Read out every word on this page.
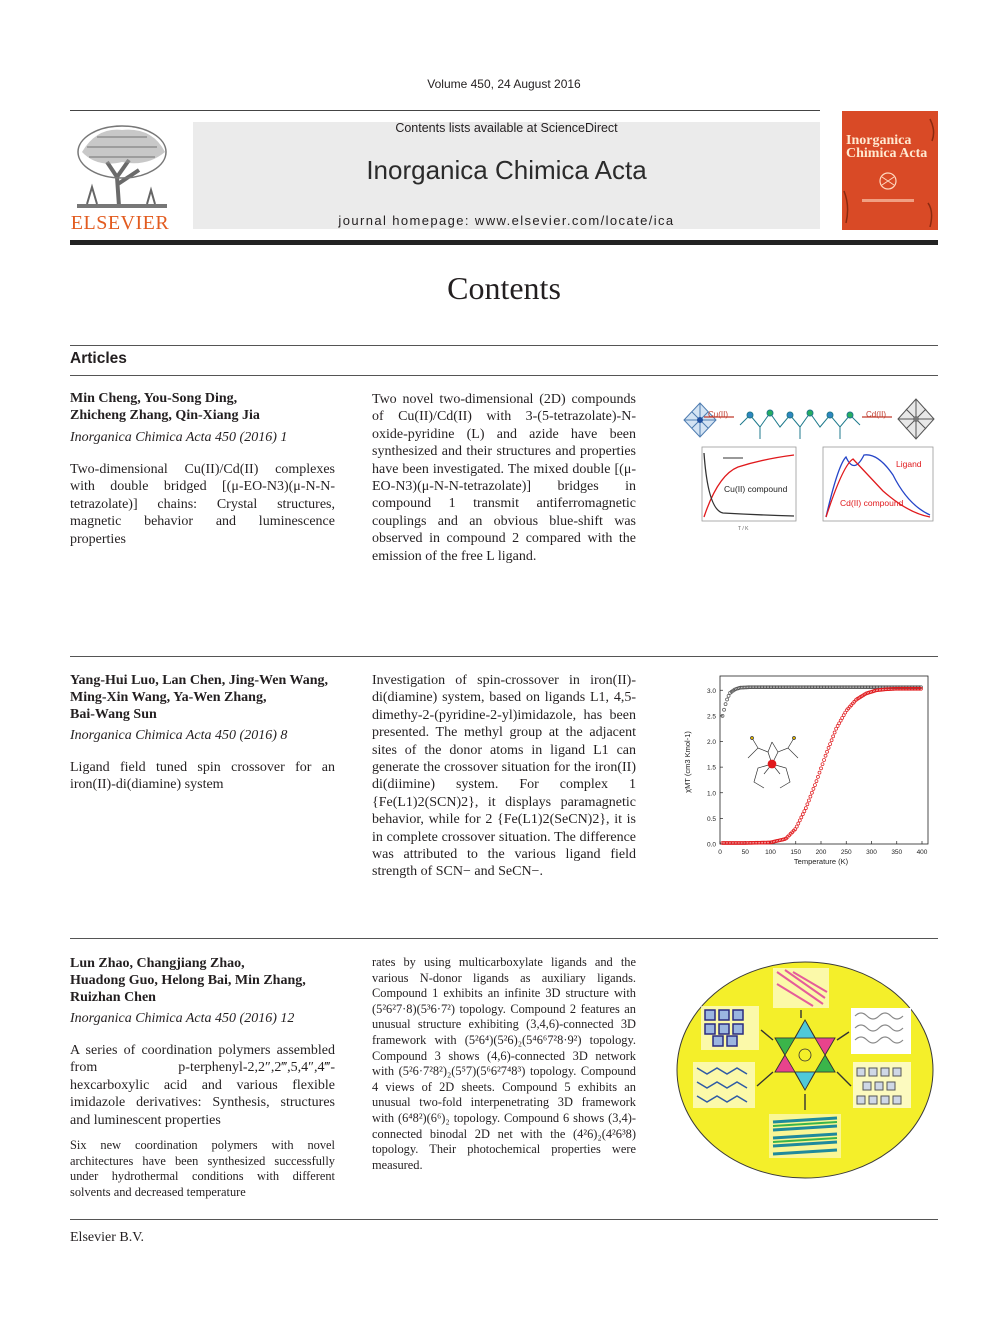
Volume 450, 24 August 2016
ELSEVIER
Contents lists available at ScienceDirect
Inorganica Chimica Acta
journal homepage: www.elsevier.com/locate/ica
Inorganica
Chimica Acta
Contents
Articles
Min Cheng, You-Song Ding,
Zhicheng Zhang, Qin-Xiang Jia
Inorganica Chimica Acta 450 (2016) 1
Two-dimensional Cu(II)/Cd(II) complexes with double bridged [(μ-EO-N3)(μ-N-N-tetrazolate)] chains: Crystal structures, magnetic behavior and luminescence properties
Two novel two-dimensional (2D) compounds of Cu(II)/Cd(II) with 3-(5-tetrazolate)-N-oxide-pyridine (L) and azide have been synthesized and their structures and properties have been investigated. The mixed double [(μ-EO-N3)(μ-N-N-tetrazolate)] bridges in compound 1 transmit antiferromagnetic couplings and an obvious blue-shift was observed in compound 2 compared with the emission of the free L ligand.
Cu(II)	Cd(II)
Cu(II) compound
T / K
Ligand
Cd(II) compound
Yang-Hui Luo, Lan Chen, Jing-Wen Wang,
Ming-Xin Wang, Ya-Wen Zhang,
Bai-Wang Sun
Inorganica Chimica Acta 450 (2016) 8
Ligand field tuned spin crossover for an iron(II)-di(diamine) system
Investigation of spin-crossover in iron(II)-di(diamine) system, based on ligands L1, 4,5-dimethy-2-(pyridine-2-yl)imidazole, has been presented. The methyl group at the adjacent sites of the donor atoms in ligand L1 can generate the crossover situation for the iron(II) di(diimine) system. For complex 1 {Fe(L1)2(SCN)2}, it displays paramagnetic behavior, while for 2 {Fe(L1)2(SeCN)2}, it is in complete crossover situation. The difference was attributed to the various ligand field strength of SCN− and SeCN−.
0	50 100 150 200 250 300 350 400
0.0
0.5
1.0
1.5
2.0
2.5
3.0
Temperature (K)
χMT (cm3 Kmol-1)
Lun Zhao, Changjiang Zhao,
Huadong Guo, Helong Bai, Min Zhang,
Ruizhan Chen
Inorganica Chimica Acta 450 (2016) 12
A series of coordination polymers assembled from p-terphenyl-2,2″,2‴,5,4″,4‴-hexcarboxylic acid and various flexible imidazole derivatives: Synthesis, structures and luminescent properties
Six new coordination polymers with novel architectures have been synthesized successfully under hydrothermal conditions with different solvents and decreased temperature
rates by using multicarboxylate ligands and the various N-donor ligands as auxiliary ligands. Compound 1 exhibits an infinite 3D structure with (5²6²7·8)(5³6·7²) topology. Compound 2 features an unusual structure exhibiting (3,4,6)-connected 3D framework with (5²6⁴)(5²6)₂(5⁴6⁶7²8·9²) topology. Compound 3 shows (4,6)-connected 3D network with (5²6·7²8²)₂(5⁵7)(5⁶6²7⁴8³) topology. Compound 4 views of 2D sheets. Compound 5 exhibits an unusual two-fold interpenetrating 3D framework with (6⁴8²)(6⁶)₂ topology. Compound 6 shows (3,4)-connected binodal 2D net with the (4²6)₂(4²6³8) topology. Their photochemical properties were measured.
Elsevier B.V.
